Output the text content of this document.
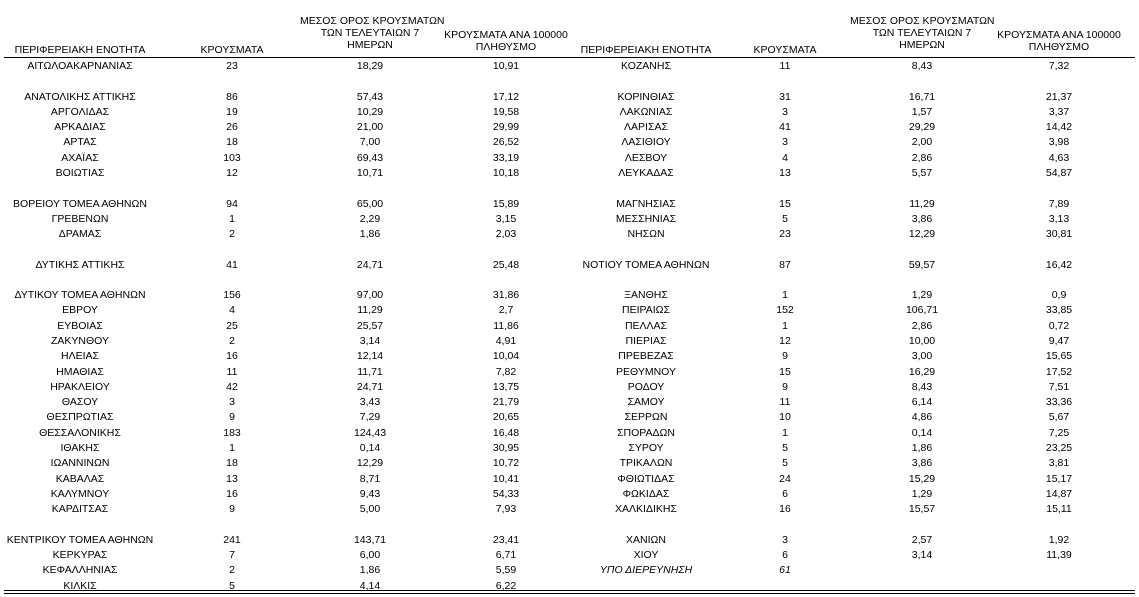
ΠΕΡΙΦΕΡΕΙΑΚΗ ΕΝΟΤΗΤΑ	ΚΡΟΥΣΜΑΤΑ
ΜΕΣΟΣ ΟΡΟΣ ΚΡΟΥΣΜΑΤΩΝ
ΤΩΝ ΤΕΛΕΥΤΑΙΩΝ 7
ΗΜΕΡΩΝ
ΚΡΟΥΣΜΑΤΑ ΑΝΑ 100000
ΠΛΗΘΥΣΜΟ	ΠΕΡΙΦΕΡΕΙΑΚΗ ΕΝΟΤΗΤΑ	ΚΡΟΥΣΜΑΤΑ
ΜΕΣΟΣ ΟΡΟΣ ΚΡΟΥΣΜΑΤΩΝ
ΤΩΝ ΤΕΛΕΥΤΑΙΩΝ 7
ΗΜΕΡΩΝ
ΚΡΟΥΣΜΑΤΑ ΑΝΑ 100000
ΠΛΗΘΥΣΜΟ
ΑΙΤΩΛΟΑΚΑΡΝΑΝΙΑΣ	23	18,29	10,91
ΑΝΑΤΟΛΙΚΗΣ ΑΤΤΙΚΗΣ	86	57,43	17,12
ΑΡΓΟΛΙΔΑΣ	19	10,29	19,58
ΑΡΚΑΔΙΑΣ	26	21,00	29,99
ΑΡΤΑΣ	18	7,00	26,52
ΑΧΑΪΑΣ	103	69,43	33,19
ΒΟΙΩΤΙΑΣ	12	10,71	10,18
ΒΟΡΕΙΟΥ ΤΟΜΕΑ ΑΘΗΝΩΝ	94	65,00	15,89
ΓΡΕΒΕΝΩΝ	1	2,29	3,15
ΔΡΑΜΑΣ	2	1,86	2,03
ΔΥΤΙΚΗΣ ΑΤΤΙΚΗΣ	41	24,71	25,48
ΔΥΤΙΚΟΥ ΤΟΜΕΑ ΑΘΗΝΩΝ	156	97,00	31,86
ΕΒΡΟΥ	4	11,29	2,7
ΕΥΒΟΙΑΣ	25	25,57	11,86
ΖΑΚΥΝΘΟΥ	2	3,14	4,91
ΗΛΕΙΑΣ	16	12,14	10,04
ΗΜΑΘΙΑΣ	11	11,71	7,82
ΗΡΑΚΛΕΙΟΥ	42	24,71	13,75
ΘΑΣΟΥ	3	3,43	21,79
ΘΕΣΠΡΩΤΙΑΣ	9	7,29	20,65
ΘΕΣΣΑΛΟΝΙΚΗΣ	183	124,43	16,48
ΙΘΑΚΗΣ	1	0,14	30,95
ΙΩΑΝΝΙΝΩΝ	18	12,29	10,72
ΚΑΒΑΛΑΣ	13	8,71	10,41
ΚΑΛΥΜΝΟΥ	16	9,43	54,33
ΚΑΡΔΙΤΣΑΣ	9	5,00	7,93
ΚΕΝΤΡΙΚΟΥ ΤΟΜΕΑ ΑΘΗΝΩΝ	241	143,71	23,41
ΚΕΡΚΥΡΑΣ	7	6,00	6,71
ΚΕΦΑΛΛΗΝΙΑΣ	2	1,86	5,59
ΚΙΛΚΙΣ	5	4,14	6,22
ΚΟΖΑΝΗΣ	11	8,43	7,32
ΚΟΡΙΝΘΙΑΣ	31	16,71	21,37
ΛΑΚΩΝΙΑΣ	3	1,57	3,37
ΛΑΡΙΣΑΣ	41	29,29	14,42
ΛΑΣΙΘΙΟΥ	3	2,00	3,98
ΛΕΣΒΟΥ	4	2,86	4,63
ΛΕΥΚΑΔΑΣ	13	5,57	54,87
ΜΑΓΝΗΣΙΑΣ	15	11,29	7,89
ΜΕΣΣΗΝΙΑΣ	5	3,86	3,13
ΝΗΣΩΝ	23	12,29	30,81
ΝΟΤΙΟΥ ΤΟΜΕΑ ΑΘΗΝΩΝ	87	59,57	16,42
ΞΑΝΘΗΣ	1	1,29	0,9
ΠΕΙΡΑΙΩΣ	152	106,71	33,85
ΠΕΛΛΑΣ	1	2,86	0,72
ΠΙΕΡΙΑΣ	12	10,00	9,47
ΠΡΕΒΕΖΑΣ	9	3,00	15,65
ΡΕΘΥΜΝΟΥ	15	16,29	17,52
ΡΟΔΟΥ	9	8,43	7,51
ΣΑΜΟΥ	11	6,14	33,36
ΣΕΡΡΩΝ	10	4,86	5,67
ΣΠΟΡΑΔΩΝ	1	0,14	7,25
ΣΥΡΟΥ	5	1,86	23,25
ΤΡΙΚΑΛΩΝ	5	3,86	3,81
ΦΘΙΩΤΙΔΑΣ	24	15,29	15,17
ΦΩΚΙΔΑΣ	6	1,29	14,87
ΧΑΛΚΙΔΙΚΗΣ	16	15,57	15,11
ΧΑΝΙΩΝ	3	2,57	1,92
ΧΙΟΥ	6	3,14	11,39
ΥΠΟ ΔΙΕΡΕΥΝΗΣΗ	61
